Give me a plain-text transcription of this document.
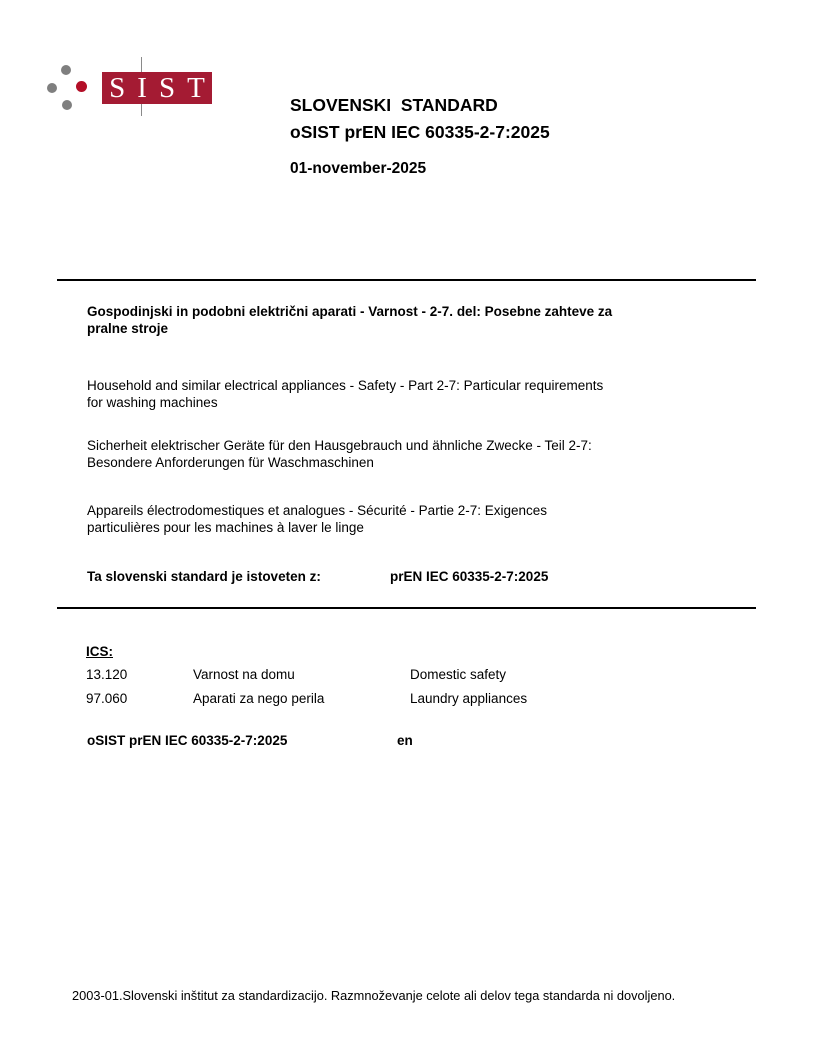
SIST
SLOVENSKI  STANDARD
oSIST prEN IEC 60335-2-7:2025
01-november-2025
Gospodinjski in podobni električni aparati - Varnost - 2-7. del: Posebne zahteve za
pralne stroje
Household and similar electrical appliances - Safety - Part 2-7: Particular requirements
for washing machines
Sicherheit elektrischer Geräte für den Hausgebrauch und ähnliche Zwecke - Teil 2-7:
Besondere Anforderungen für Waschmaschinen
Appareils électrodomestiques et analogues - Sécurité - Partie 2-7: Exigences
particulières pour les machines à laver le linge
Ta slovenski standard je istoveten z:	prEN IEC 60335-2-7:2025
ICS:
13.120	Varnost na domu	Domestic safety
97.060	Aparati za nego perila	Laundry appliances
oSIST prEN IEC 60335-2-7:2025	en
2003-01.Slovenski inštitut za standardizacijo. Razmnoževanje celote ali delov tega standarda ni dovoljeno.
